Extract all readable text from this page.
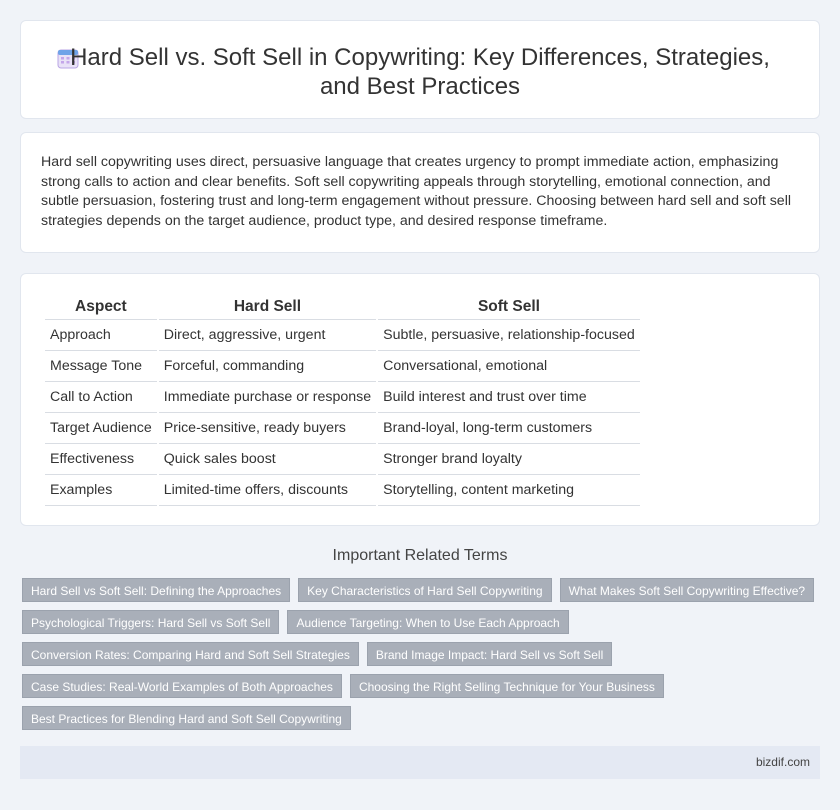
Hard Sell vs. Soft Sell in Copywriting: Key Differences, Strategies, and Best Practices

Hard sell copywriting uses direct, persuasive language that creates urgency to prompt immediate action, emphasizing strong calls to action and clear benefits. Soft sell copywriting appeals through storytelling, emotional connection, and subtle persuasion, fostering trust and long-term engagement without pressure. Choosing between hard sell and soft sell strategies depends on the target audience, product type, and desired response timeframe.

Aspect	Hard Sell	Soft Sell
Approach	Direct, aggressive, urgent	Subtle, persuasive, relationship-focused
Message Tone	Forceful, commanding	Conversational, emotional
Call to Action	Immediate purchase or response	Build interest and trust over time
Target Audience	Price-sensitive, ready buyers	Brand-loyal, long-term customers
Effectiveness	Quick sales boost	Stronger brand loyalty
Examples	Limited-time offers, discounts	Storytelling, content marketing
Important Related Terms
Hard Sell vs Soft Sell: Defining the Approaches	Key Characteristics of Hard Sell Copywriting	What Makes Soft Sell Copywriting Effective?
Psychological Triggers: Hard Sell vs Soft Sell	Audience Targeting: When to Use Each Approach
Conversion Rates: Comparing Hard and Soft Sell Strategies	Brand Image Impact: Hard Sell vs Soft Sell
Case Studies: Real-World Examples of Both Approaches	Choosing the Right Selling Technique for Your Business
Best Practices for Blending Hard and Soft Sell Copywriting
bizdif.com
